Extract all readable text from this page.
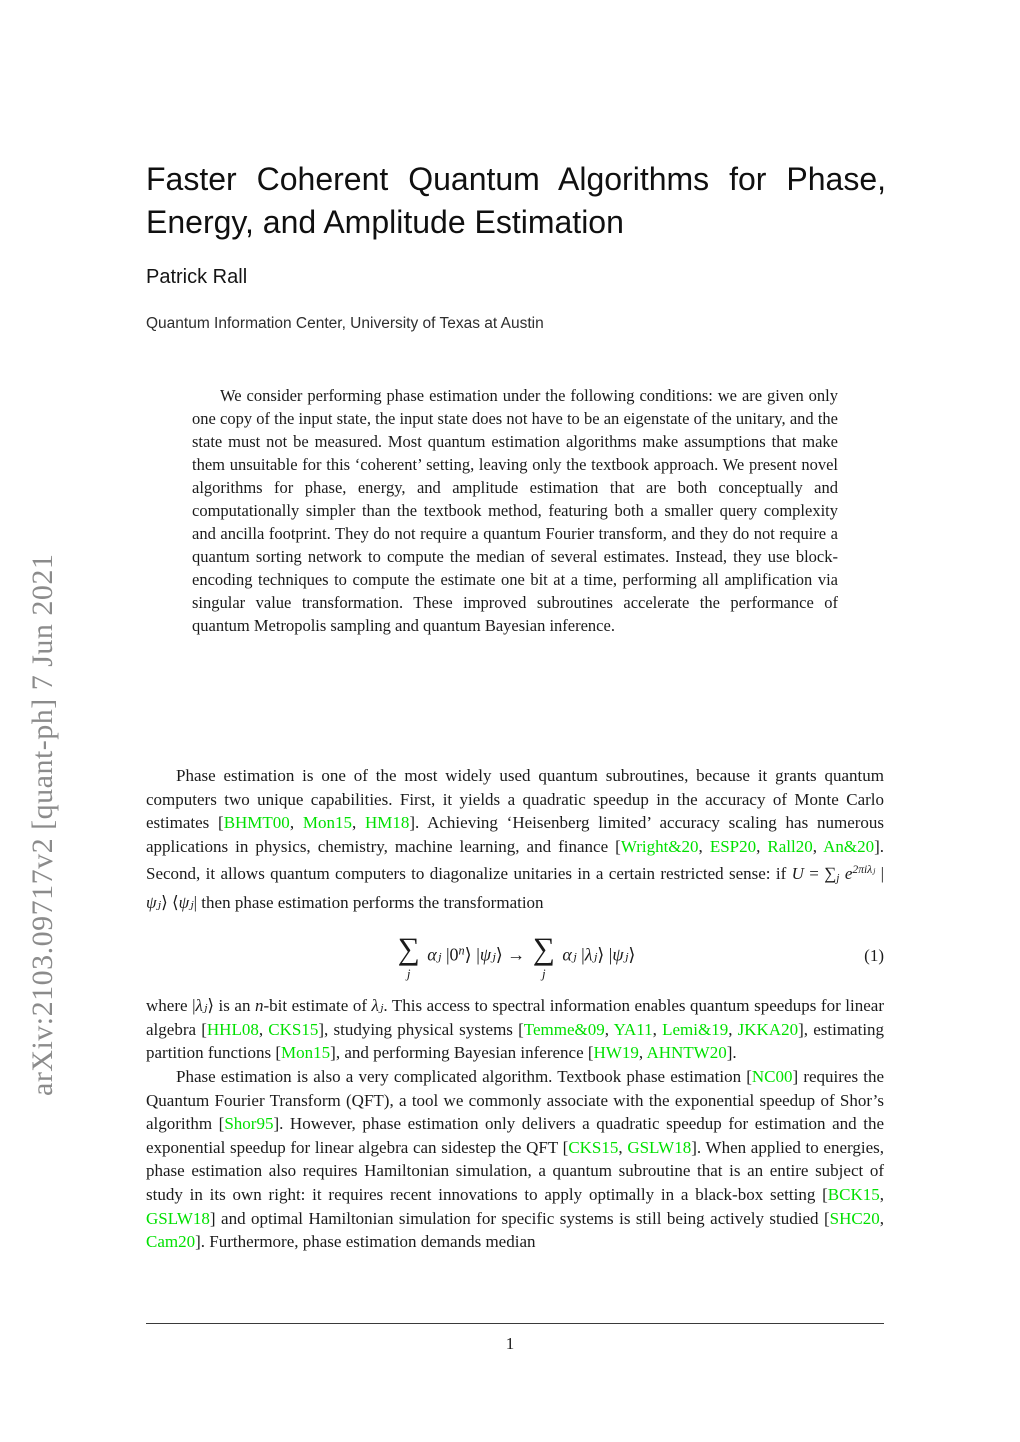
arXiv:2103.09717v2 [quant-ph] 7 Jun 2021
Faster Coherent Quantum Algorithms for Phase, Energy, and Amplitude Estimation
Patrick Rall
Quantum Information Center, University of Texas at Austin
We consider performing phase estimation under the following conditions: we are given only one copy of the input state, the input state does not have to be an eigenstate of the unitary, and the state must not be measured. Most quantum estimation algorithms make assumptions that make them unsuitable for this ‘coherent’ setting, leaving only the textbook approach. We present novel algorithms for phase, energy, and amplitude estimation that are both conceptually and computationally simpler than the textbook method, featuring both a smaller query complexity and ancilla footprint. They do not require a quantum Fourier transform, and they do not require a quantum sorting network to compute the median of several estimates. Instead, they use block-encoding techniques to compute the estimate one bit at a time, performing all amplification via singular value transformation. These improved subroutines accelerate the performance of quantum Metropolis sampling and quantum Bayesian inference.

Phase estimation is one of the most widely used quantum subroutines, because it grants quantum computers two unique capabilities. First, it yields a quadratic speedup in the accuracy of Monte Carlo estimates [BHMT00, Mon15, HM18]. Achieving ‘Heisenberg limited’ accuracy scaling has numerous applications in physics, chemistry, machine learning, and finance [Wright&20, ESP20, Rall20, An&20]. Second, it allows quantum computers to diagonalize unitaries in a certain restricted sense: if $U = \sum_j$ $e^{2\pi i\lambda ⱼ}$ |ψⱼ⟩ ⟨ψⱼ| then phase estimation performs the transformation

∑
j
αⱼ |0$^n$⟩ |ψⱼ⟩ → ∑
j
αⱼ |λⱼ⟩ |ψⱼ⟩	(1)

where |λⱼ⟩ is an n-bit estimate of λⱼ. This access to spectral information enables quantum speedups for linear algebra [HHL08, CKS15], studying physical systems [Temme&09, YA11, Lemi&19, JKKA20], estimating partition functions [Mon15], and performing Bayesian inference [HW19, AHNTW20].

Phase estimation is also a very complicated algorithm. Textbook phase estimation [NC00] requires the Quantum Fourier Transform (QFT), a tool we commonly associate with the exponential speedup of Shor’s algorithm [Shor95]. However, phase estimation only delivers a quadratic speedup for estimation and the exponential speedup for linear algebra can sidestep the QFT [CKS15, GSLW18]. When applied to energies, phase estimation also requires Hamiltonian simulation, a quantum subroutine that is an entire subject of study in its own right: it requires recent innovations to apply optimally in a black-box setting [BCK15, GSLW18] and optimal Hamiltonian simulation for specific systems is still being actively studied [SHC20, Cam20]. Furthermore, phase estimation demands median

1
